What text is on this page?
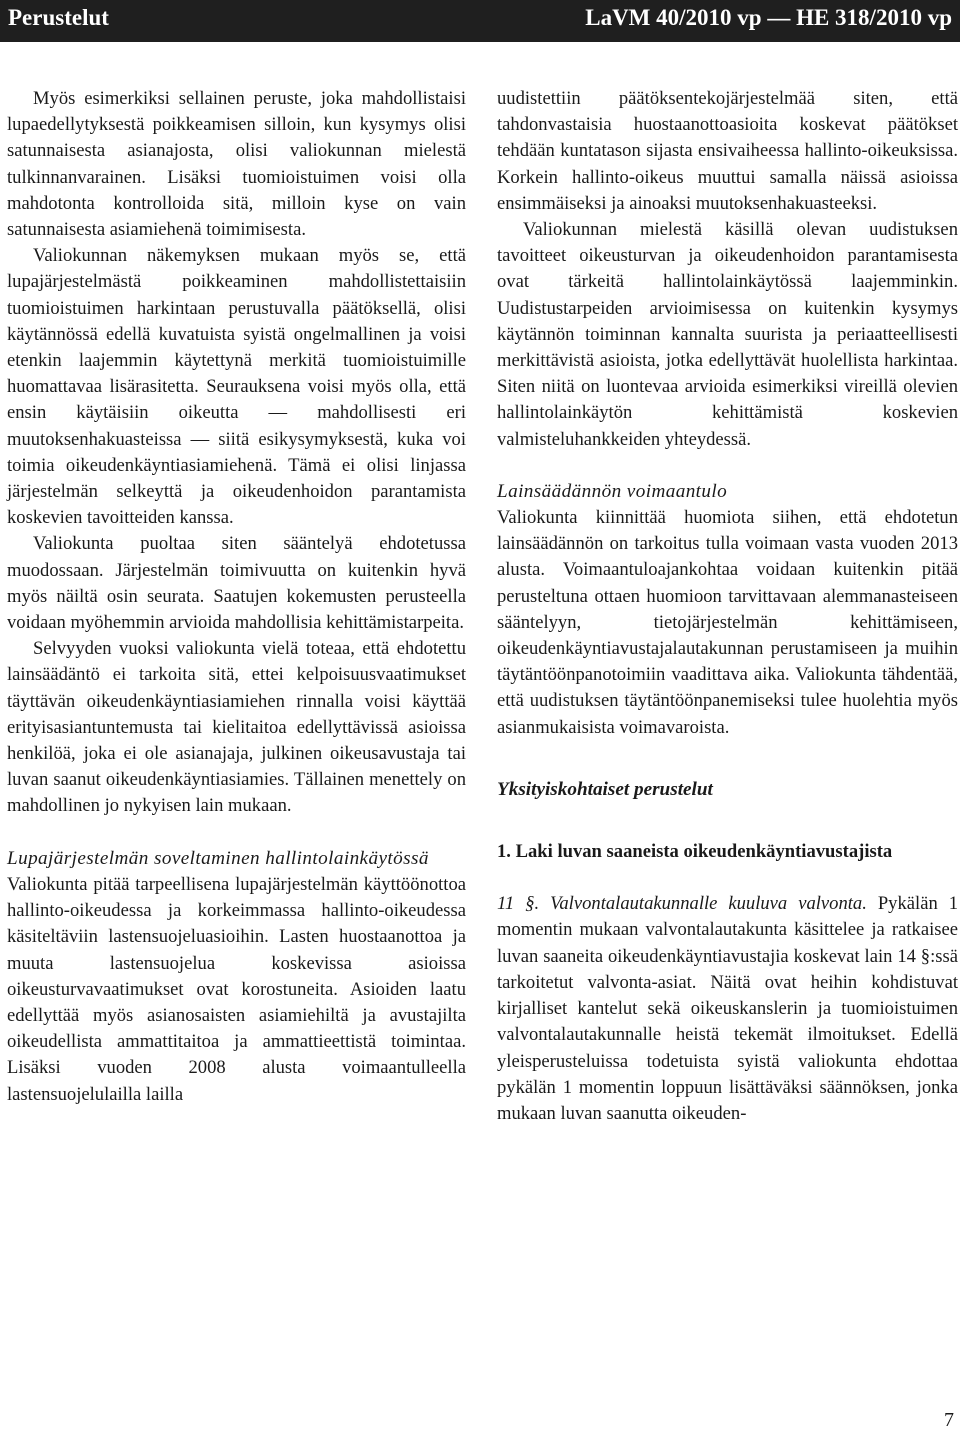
Perustelut	LaVM 40/2010 vp — HE 318/2010 vp

Myös esimerkiksi sellainen peruste, joka mahdollistaisi lupaedellytyksestä poikkeamisen silloin, kun kysymys olisi satunnaisesta asianajosta, olisi valiokunnan mielestä tulkinnanvarainen. Lisäksi tuomioistuimen voisi olla mahdotonta kontrolloida sitä, milloin kyse on vain satunnaisesta asiamiehenä toimimisesta.

Valiokunnan näkemyksen mukaan myös se, että lupajärjestelmästä poikkeaminen mahdollistettaisiin tuomioistuimen harkintaan perustuvalla päätöksellä, olisi käytännössä edellä kuvatuista syistä ongelmallinen ja voisi etenkin laajemmin käytettynä merkitä tuomioistuimille huomattavaa lisärasitetta. Seurauksena voisi myös olla, että ensin käytäisiin oikeutta — mahdollisesti eri muutoksenhakuasteissa — siitä esikysymyksestä, kuka voi toimia oikeudenkäyntiasiamiehenä. Tämä ei olisi linjassa järjestelmän selkeyttä ja oikeudenhoidon parantamista koskevien tavoitteiden kanssa.

Valiokunta puoltaa siten sääntelyä ehdotetussa muodossaan. Järjestelmän toimivuutta on kuitenkin hyvä myös näiltä osin seurata. Saatujen kokemusten perusteella voidaan myöhemmin arvioida mahdollisia kehittämistarpeita.

Selvyyden vuoksi valiokunta vielä toteaa, että ehdotettu lainsäädäntö ei tarkoita sitä, ettei kelpoisuusvaatimukset täyttävän oikeudenkäyntiasiamiehen rinnalla voisi käyttää erityisasiantuntemusta tai kielitaitoa edellyttävissä asioissa henkilöä, joka ei ole asianajaja, julkinen oikeusavustaja tai luvan saanut oikeudenkäyntiasiamies. Tällainen menettely on mahdollinen jo nykyisen lain mukaan.

Lupajärjestelmän soveltaminen hallintolainkäytössä

Valiokunta pitää tarpeellisena lupajärjestelmän käyttöönottoa hallinto-oikeudessa ja korkeimmassa hallinto-oikeudessa käsiteltäviin lastensuojeluasioihin. Lasten huostaanottoa ja muuta lastensuojelua koskevissa asioissa oikeusturvavaatimukset ovat korostuneita. Asioiden laatu edellyttää myös asianosaisten asiamiehiltä ja avustajilta oikeudellista ammattitaitoa ja ammattieettistä toimintaa. Lisäksi vuoden 2008 alusta voimaantulleella lastensuojelulailla lailla

uudistettiin päätöksentekojärjestelmää siten, että tahdonvastaisia huostaanottoasioita koskevat päätökset tehdään kuntatason sijasta ensivaiheessa hallinto-oikeuksissa. Korkein hallinto-oikeus muuttui samalla näissä asioissa ensimmäiseksi ja ainoaksi muutoksenhakuasteeksi.

Valiokunnan mielestä käsillä olevan uudistuksen tavoitteet oikeusturvan ja oikeudenhoidon parantamisesta ovat tärkeitä hallintolainkäytössä laajemminkin. Uudistustarpeiden arvioimisessa on kuitenkin kysymys käytännön toiminnan kannalta suurista ja periaatteellisesti merkittävistä asioista, jotka edellyttävät huolellista harkintaa. Siten niitä on luontevaa arvioida esimerkiksi vireillä olevien hallintolainkäytön kehittämistä koskevien valmisteluhankkeiden yhteydessä.

Lainsäädännön voimaantulo

Valiokunta kiinnittää huomiota siihen, että ehdotetun lainsäädännön on tarkoitus tulla voimaan vasta vuoden 2013 alusta. Voimaantuloajankohtaa voidaan kuitenkin pitää perusteltuna ottaen huomioon tarvittavaan alemmanasteiseen sääntelyyn, tietojärjestelmän kehittämiseen, oikeudenkäyntiavustajalautakunnan perustamiseen ja muihin täytäntöönpanotoimiin vaadittava aika. Valiokunta tähdentää, että uudistuksen täytäntöönpanemiseksi tulee huolehtia myös asianmukaisista voimavaroista.

Yksityiskohtaiset perustelut
1. Laki luvan saaneista oikeudenkäyntiavustajista

11 §. Valvontalautakunnalle kuuluva valvonta. Pykälän 1 momentin mukaan valvontalautakunta käsittelee ja ratkaisee luvan saaneita oikeudenkäyntiavustajia koskevat lain 14 §:ssä tarkoitetut valvonta-asiat. Näitä ovat heihin kohdistuvat kirjalliset kantelut sekä oikeuskanslerin ja tuomioistuimen valvontalautakunnalle heistä tekemät ilmoitukset. Edellä yleisperusteluissa todetuista syistä valiokunta ehdottaa pykälän 1 momentin loppuun lisättäväksi säännöksen, jonka mukaan luvan saanutta oikeuden-

7
